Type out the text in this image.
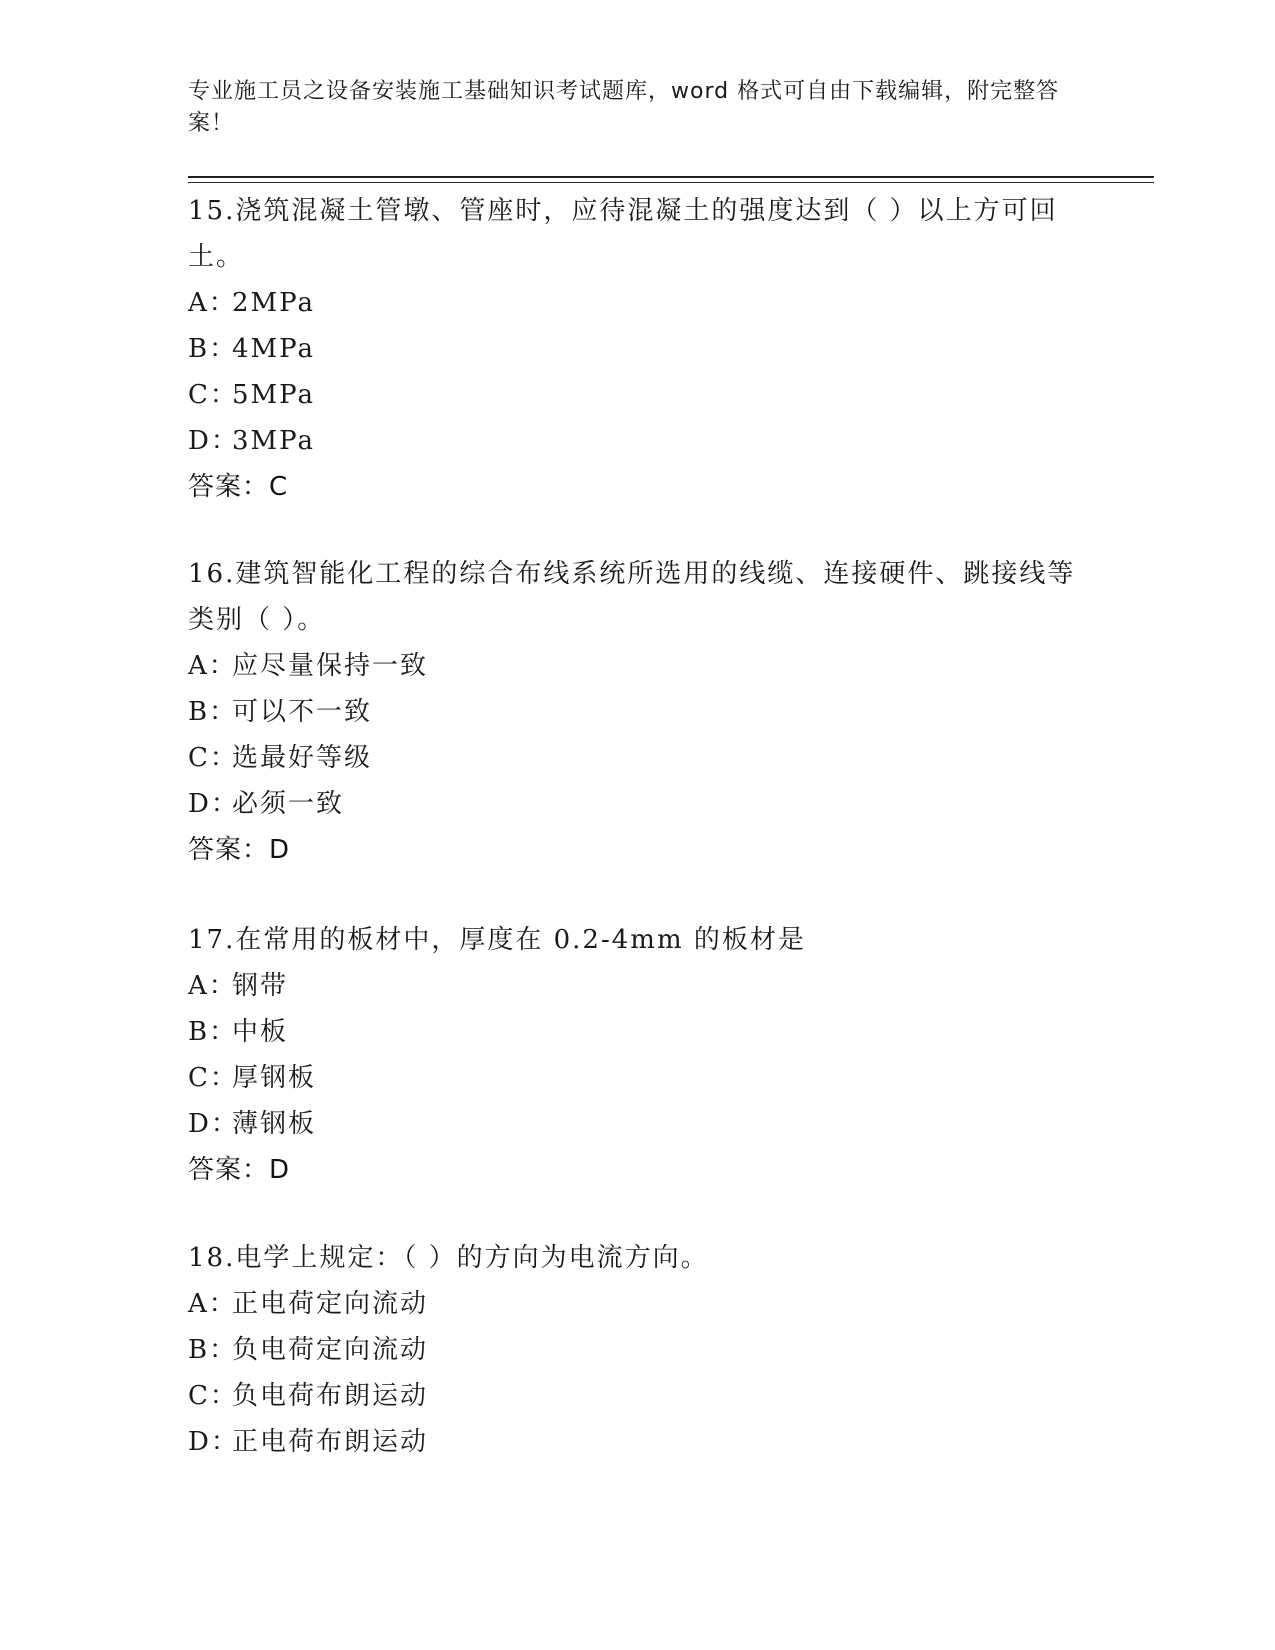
专业施工员之设备安装施工基础知识考试题库，word 格式可自由下载编辑，附完整答案！

15.浇筑混凝土管墩、管座时，应待混凝土的强度达到（ ）以上方可回土。

A：2MPa

B：4MPa

C：5MPa

D：3MPa

答案：C

16.建筑智能化工程的综合布线系统所选用的线缆、连接硬件、跳接线等类别（ ）。

A：应尽量保持一致

B：可以不一致

C：选最好等级

D：必须一致

答案：D

17.在常用的板材中，厚度在 0.2-4mm 的板材是

A：钢带

B：中板

C：厚钢板

D：薄钢板

答案：D

18.电学上规定：（ ）的方向为电流方向。

A：正电荷定向流动

B：负电荷定向流动

C：负电荷布朗运动

D：正电荷布朗运动
